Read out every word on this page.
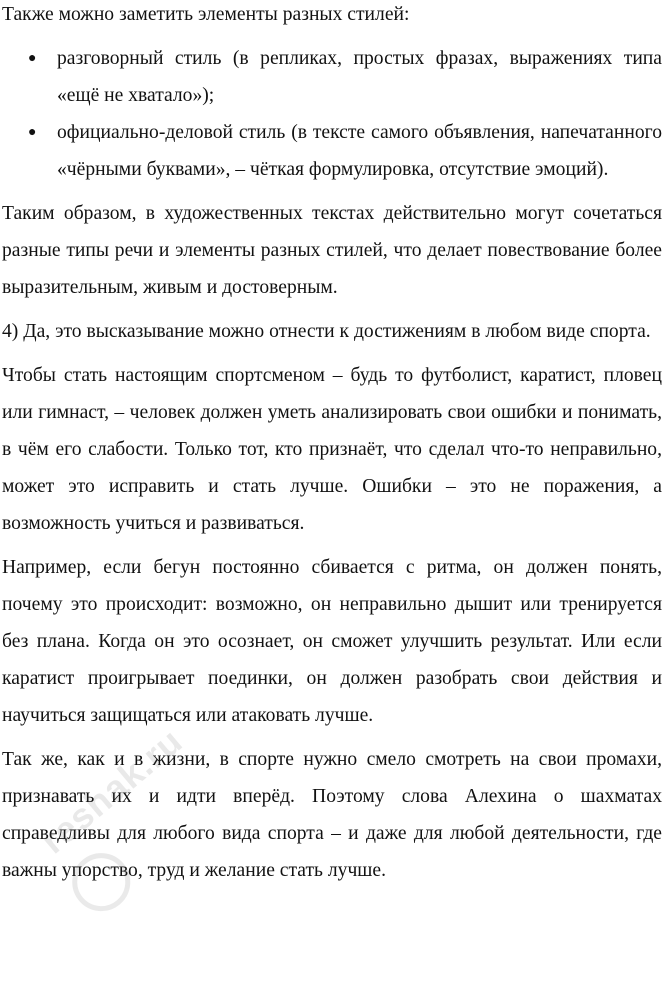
Также можно заметить элементы разных стилей:

● разговорный стиль (в репликах, простых фразах, выражениях типа «ещё не хватало»);
● официально-деловой стиль (в тексте самого объявления, напечатанного «чёрными буквами», – чёткая формулировка, отсутствие эмоций).

Таким образом, в художественных текстах действительно могут сочетаться разные типы речи и элементы разных стилей, что делает повествование более выразительным, живым и достоверным.

4) Да, это высказывание можно отнести к достижениям в любом виде спорта.

Чтобы стать настоящим спортсменом – будь то футболист, каратист, пловец или гимнаст, – человек должен уметь анализировать свои ошибки и понимать, в чём его слабости. Только тот, кто признаёт, что сделал что-то неправильно, может это исправить и стать лучше. Ошибки – это не поражения, а возможность учиться и развиваться.

Например, если бегун постоянно сбивается с ритма, он должен понять, почему это происходит: возможно, он неправильно дышит или тренируется без плана. Когда он это осознает, он сможет улучшить результат. Или если каратист проигрывает поединки, он должен разобрать свои действия и научиться защищаться или атаковать лучше.

Так же, как и в жизни, в спорте нужно смело смотреть на свои промахи, признавать их и идти вперёд. Поэтому слова Алехина о шахматах справедливы для любого вида спорта – и даже для любой деятельности, где важны упорство, труд и желание стать лучше.

reshak.ru
